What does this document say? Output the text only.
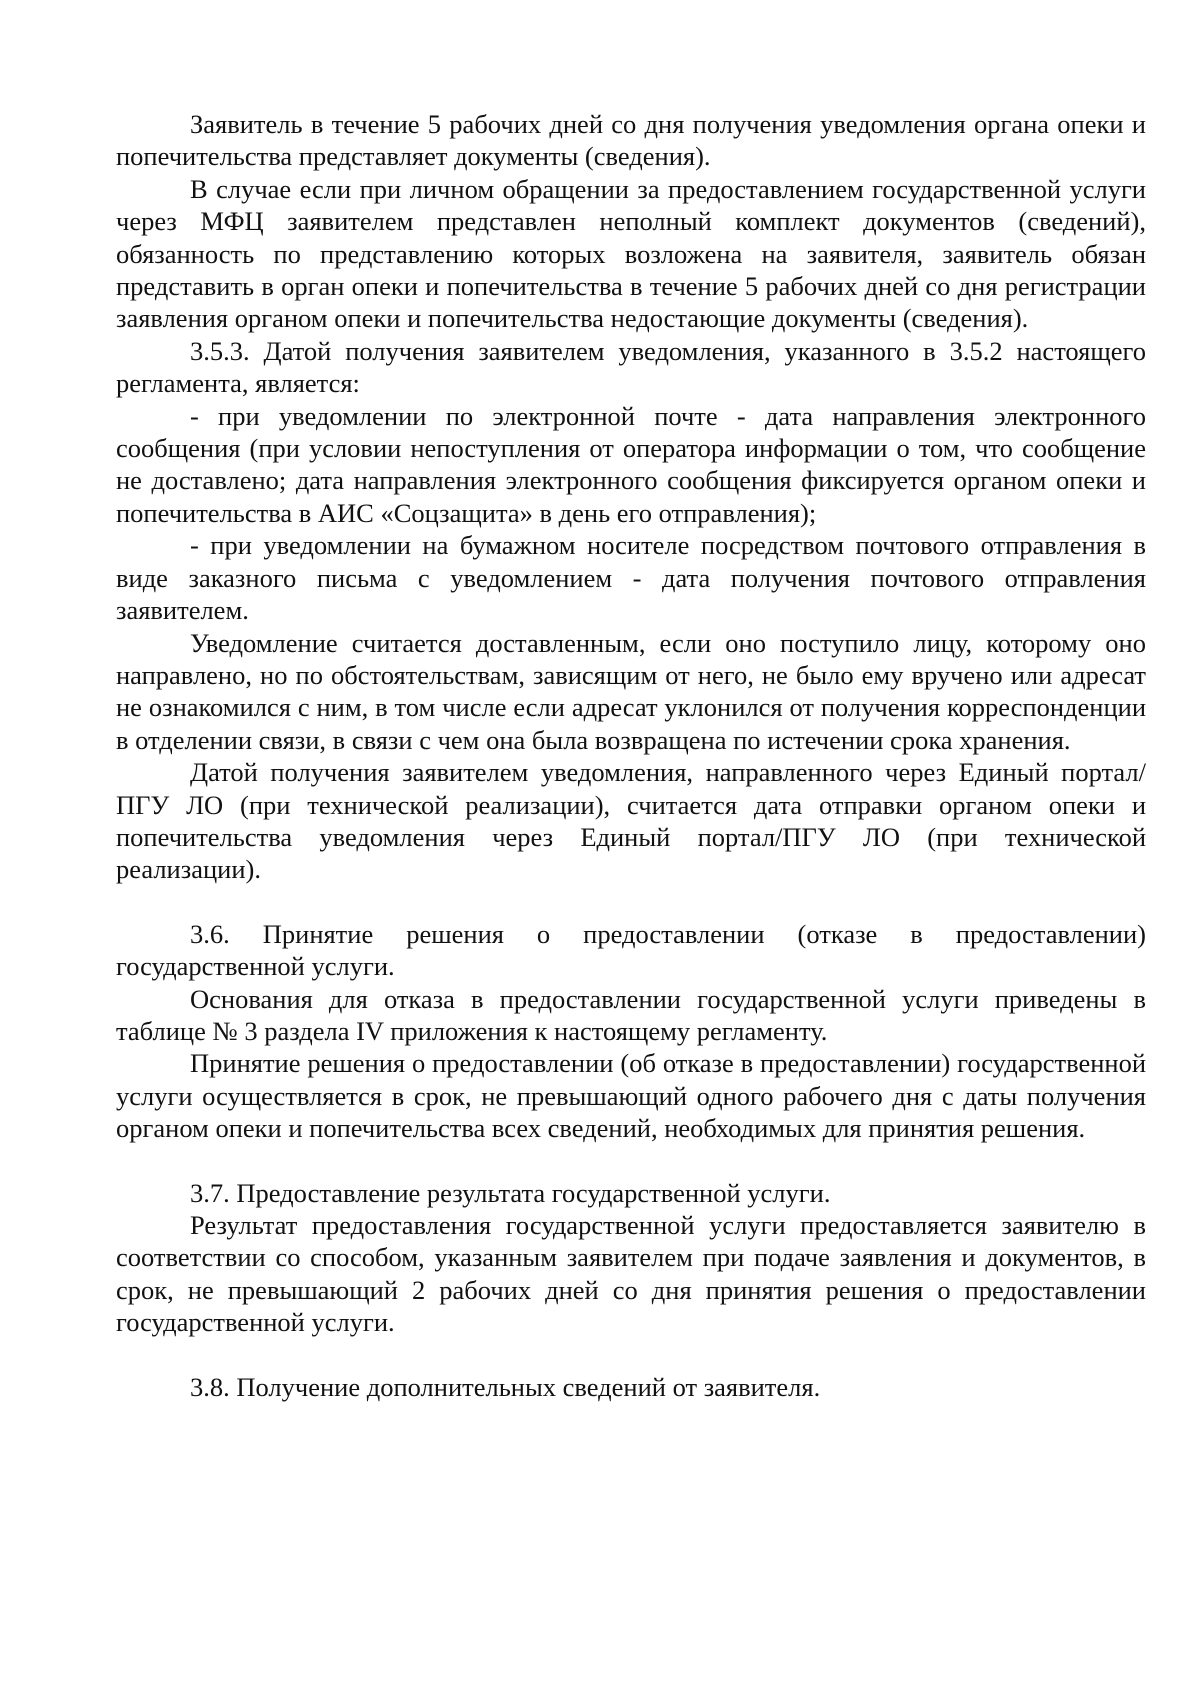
Заявитель в течение 5 рабочих дней со дня получения уведомления органа опеки и попечительства представляет документы (сведения).

В случае если при личном обращении за предоставлением государственной услуги через МФЦ заявителем представлен неполный комплект документов (сведений), обязанность по представлению которых возложена на заявителя, заявитель обязан представить в орган опеки и попечительства в течение 5 рабочих дней со дня регистрации заявления органом опеки и попечительства недостающие документы (сведения).

3.5.3. Датой получения заявителем уведомления, указанного в 3.5.2 настоящего регламента, является:

- при уведомлении по электронной почте - дата направления электронного сообщения (при условии непоступления от оператора информации о том, что сообщение не доставлено; дата направления электронного сообщения фиксируется органом опеки и попечительства в АИС «Соцзащита» в день его отправления);

- при уведомлении на бумажном носителе посредством почтового отправления в виде заказного письма с уведомлением - дата получения почтового отправления заявителем.

Уведомление считается доставленным, если оно поступило лицу, которому оно направлено, но по обстоятельствам, зависящим от него, не было ему вручено или адресат не ознакомился с ним, в том числе если адресат уклонился от получения корреспонденции в отделении связи, в связи с чем она была возвращена по истечении срока хранения.

Датой получения заявителем уведомления, направленного через Единый портал/ПГУ ЛО (при технической реализации), считается дата отправки органом опеки и попечительства уведомления через Единый портал/ПГУ ЛО (при технической реализации).

3.6. Принятие решения о предоставлении (отказе в предоставлении) государственной услуги.

Основания для отказа в предоставлении государственной услуги приведены в таблице № 3 раздела IV приложения к настоящему регламенту.

Принятие решения о предоставлении (об отказе в предоставлении) государственной услуги осуществляется в срок, не превышающий одного рабочего дня с даты получения органом опеки и попечительства всех сведений, необходимых для принятия решения.

3.7. Предоставление результата государственной услуги.

Результат предоставления государственной услуги предоставляется заявителю в соответствии со способом, указанным заявителем при подаче заявления и документов, в срок, не превышающий 2 рабочих дней со дня принятия решения о предоставлении государственной услуги.

3.8. Получение дополнительных сведений от заявителя.
